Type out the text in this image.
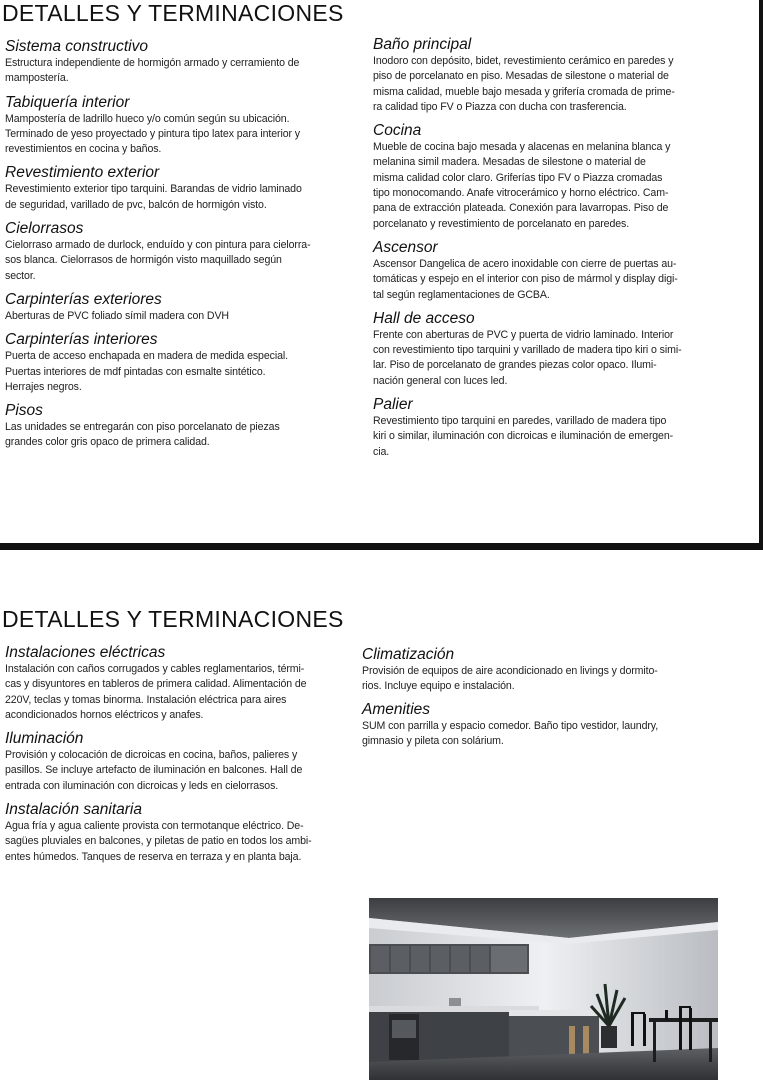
DETALLES Y TERMINACIONES
Sistema constructivo
Estructura independiente de hormigón armado y cerramiento de
mampostería.
Tabiquería interior
Mampostería de ladrillo hueco y/o común según su ubicación.
Terminado de yeso proyectado y pintura tipo latex para interior y
revestimientos en cocina y baños.
Revestimiento exterior
Revestimiento exterior tipo tarquini. Barandas de vidrio laminado
de seguridad, varillado de pvc, balcón de hormigón visto.
Cielorrasos
Cielorraso armado de durlock, enduído y con pintura para cielorra-
sos blanca. Cielorrasos de hormigón visto maquillado según
sector.
Carpinterías exteriores
Aberturas de PVC foliado símil madera con DVH
Carpinterías interiores
Puerta de acceso enchapada en madera de medida especial.
Puertas interiores de mdf pintadas con esmalte sintético.
Herrajes negros.
Pisos
Las unidades se entregarán con piso porcelanato de piezas
grandes color gris opaco de primera calidad.
Baño principal
Inodoro con depósito, bidet, revestimiento cerámico en paredes y
piso de porcelanato en piso. Mesadas de silestone o material de
misma calidad, mueble bajo mesada y grifería cromada de prime-
ra calidad tipo FV o Piazza con ducha con trasferencia.
Cocina
Mueble de cocina bajo mesada y alacenas en melanina blanca y
melanina simil madera. Mesadas de silestone o material de
misma calidad color claro. Griferías tipo FV o Piazza cromadas
tipo monocomando. Anafe vitrocerámico y horno eléctrico. Cam-
pana de extracción plateada. Conexión para lavarropas. Piso de
porcelanato y revestimiento de porcelanato en paredes.
Ascensor
Ascensor Dangelica de acero inoxidable con cierre de puertas au-
tomáticas y espejo en el interior con piso de mármol y display digi-
tal según reglamentaciones de GCBA.
Hall de acceso
Frente con aberturas de PVC y puerta de vidrio laminado. Interior
con revestimiento tipo tarquini y varillado de madera tipo kiri o simi-
lar. Piso de porcelanato de grandes piezas color opaco. Ilumi-
nación general con luces led.
Palier
Revestimiento tipo tarquini en paredes, varillado de madera tipo
kiri o similar, iluminación con dicroicas e iluminación de emergen-
cia.
DETALLES Y TERMINACIONES
Instalaciones eléctricas
Instalación con caños corrugados y cables reglamentarios, térmi-
cas y disyuntores en tableros de primera calidad. Alimentación de
220V, teclas y tomas binorma. Instalación eléctrica para aires
acondicionados hornos eléctricos y anafes.
Iluminación
Provisión y colocación de dicroicas en cocina, baños, palieres y
pasillos. Se incluye artefacto de iluminación en balcones. Hall de
entrada con iluminación con dicroicas y leds en cielorrasos.
Instalación sanitaria
Agua fría y agua caliente provista con termotanque eléctrico. De-
sagües pluviales en balcones, y piletas de patio en todos los ambi-
entes húmedos. Tanques de reserva en terraza y en planta baja.
Climatización
Provisión de equipos de aire acondicionado en livings y dormito-
rios. Incluye equipo e instalación.
Amenities
SUM con parrilla y espacio comedor. Baño tipo vestidor, laundry,
gimnasio y pileta con solárium.
